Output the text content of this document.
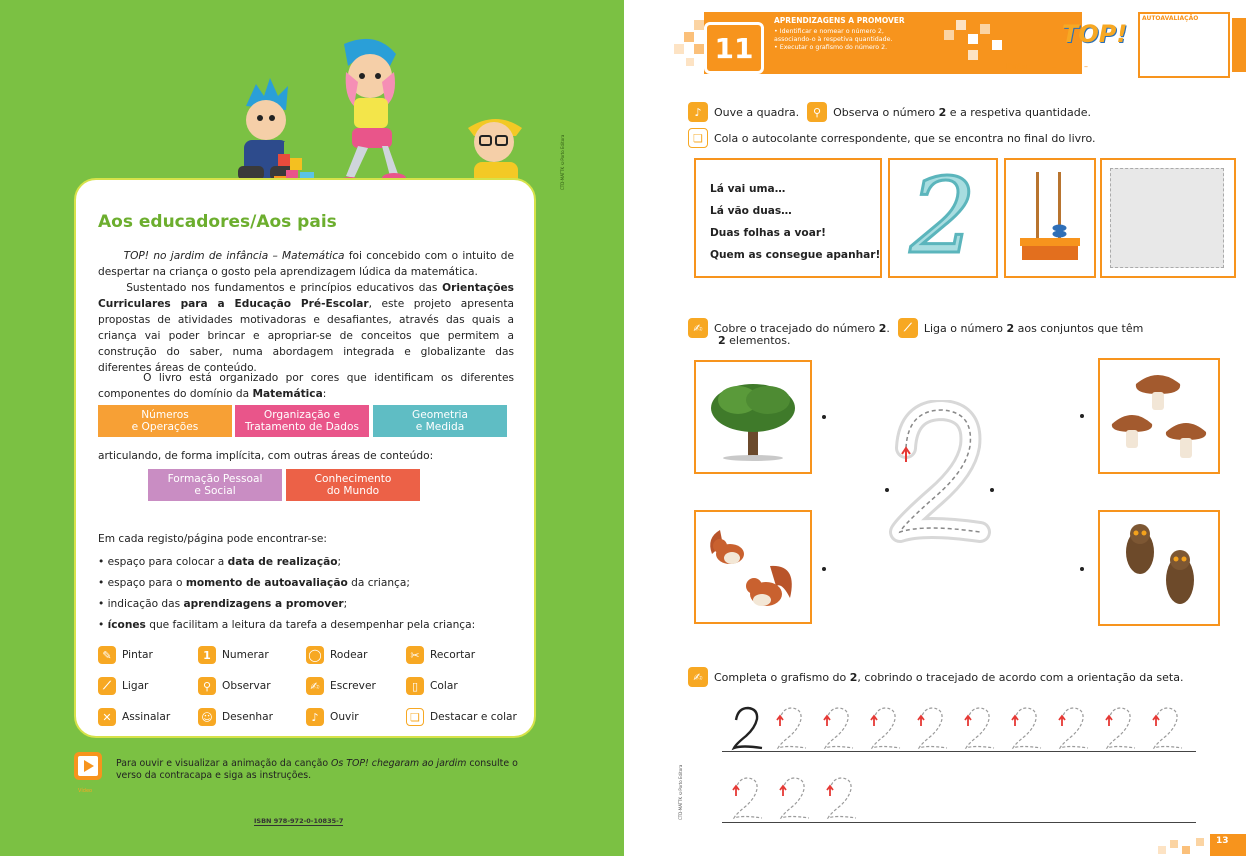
CTD-MATTK ©Porto Editora
Aos educadores/Aos pais
TOP! no jardim de infância – Matemática foi concebido com o intuito de despertar na criança o gosto pela aprendizagem lúdica da matemática.
Sustentado nos fundamentos e princípios educativos das Orientações Curriculares para a Educação Pré-Escolar, este projeto apresenta propostas de atividades motivadoras e desafiantes, através das quais a criança vai poder brincar e apropriar-se de conceitos que permitem a construção do saber, numa abordagem integrada e globalizante das diferentes áreas de conteúdo.
O livro está organizado por cores que identificam os diferentes componentes do domínio da Matemática:
articulando, de forma implícita, com outras áreas de conteúdo:
Em cada registo/página pode encontrar-se:
Números
e Operações
Organização e
Tratamento de Dados
Geometria
e Medida
Formação Pessoal
e Social
Conhecimento
do Mundo
• espaço para colocar a data de realização;
• espaço para o momento de autoavaliação da criança;
• indicação das aprendizagens a promover;
• ícones que facilitam a leitura da tarefa a desempenhar pela criança:
✎ Pintar	1	Numerar	◯ Rodear	✂ Recortar
⟋	Ligar	⚲	Observar	✍ Escrever	▯	Colar
✕ Assinalar	☺ Desenhar	♪	Ouvir	❏ Destacar e colar
Vídeo
Para ouvir e visualizar a animação da canção Os TOP! chegaram ao jardim consulte o verso da contracapa e siga as instruções.
ISBN 978-972-0-10835-7
11
APRENDIZAGENS A PROMOVER
• Identificar e nomear o número 2,
associando-o à respetiva quantidade.
• Executar o grafismo do número 2.	TOP!
Data:	–	–
AUTOAVALIAÇÃO
♪	Ouve a quadra.	⚲	Observa o número 2 e a respetiva quantidade.
❏	Cola o autocolante correspondente, que se encontra no final do livro.
Lá vai uma…
Lá vão duas…
Duas folhas a voar!
Quem as consegue apanhar! 2
✍	Cobre o tracejado do número 2.	⟋	Liga o número 2 aos conjuntos que têm
2
elementos.
✍	Completa o grafismo do 2, cobrindo o tracejado de acordo com a orientação da seta.
CTD-MATTK ©Porto Editora
13
